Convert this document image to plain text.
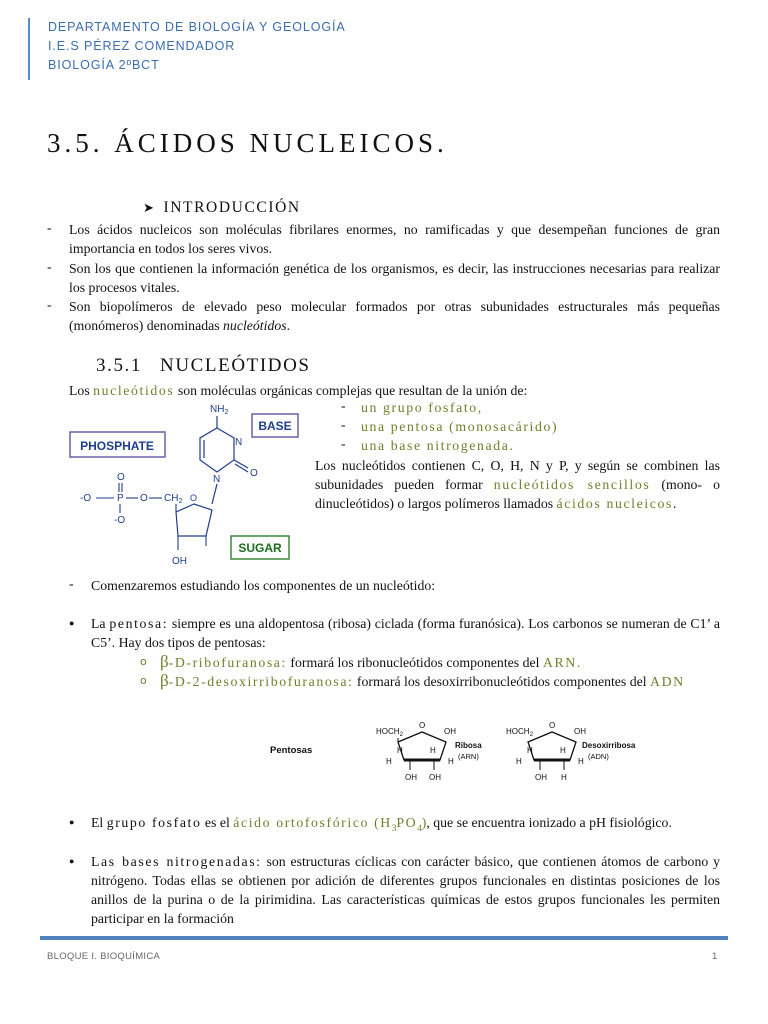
DEPARTAMENTO DE BIOLOGÍA Y GEOLOGÍA
I.E.S PÉREZ COMENDADOR
BIOLOGÍA 2ºBCT
3.5. ÁCIDOS NUCLEICOS.
➤ INTRODUCCIÓN
- Los ácidos nucleicos son moléculas fibrilares enormes, no ramificadas y que desempeñan funciones de gran importancia en todos los seres vivos.
- Son los que contienen la información genética de los organismos, es decir, las instrucciones necesarias para realizar los procesos vitales.
- Son biopolímeros de elevado peso molecular formados por otras subunidades estructurales más pequeñas (monómeros) denominadas nucleótidos.
3.5.1 NUCLEÓTIDOS
Los nucleótidos son moléculas orgánicas complejas que resultan de la unión de:
PHOSPHATE
BASE
SUGAR
$NH_2$
N
N
O
O
-O	P O $CH_2$
-O
O
OH
- un grupo fosfato,
- una pentosa (monosacárido)
- una base nitrogenada.
Los nucleótidos contienen C, O, H, N y P, y según se combinen las subunidades pueden formar nucleótidos sencillos (mono- o dinucleótidos) o largos polímeros llamados ácidos nucleicos.
- Comenzaremos estudiando los componentes de un nucleótido:
● La pentosa: siempre es una aldopentosa (ribosa) ciclada (forma furanósica). Los carbonos se numeran de C1’ a C5’. Hay dos tipos de pentosas:
o β-D-ribofuranosa: formará los ribonucleótidos componentes del ARN.
o β-D-2-desoxirribofuranosa: formará los desoxirribonucleótidos componentes del ADN
Pentosas
$HOCH_2$
O
OH
H	H
H	H
OH OH
Ribosa
(ARN)
$HOCH_2$
O
OH
H	H
H	H
OH H
Desoxirribosa
(ADN)
● El grupo fosfato es el ácido ortofosfórico $(H_3PO_4)$, que se encuentra ionizado a pH fisiológico.
● Las bases nitrogenadas: son estructuras cíclicas con carácter básico, que contienen átomos de carbono y nitrógeno. Todas ellas se obtienen por adición de diferentes grupos funcionales en distintas posiciones de los anillos de la purina o de la pirimidina. Las características químicas de estos grupos funcionales les permiten participar en la formación
BLOQUE I. BIOQUÍMICA	1
